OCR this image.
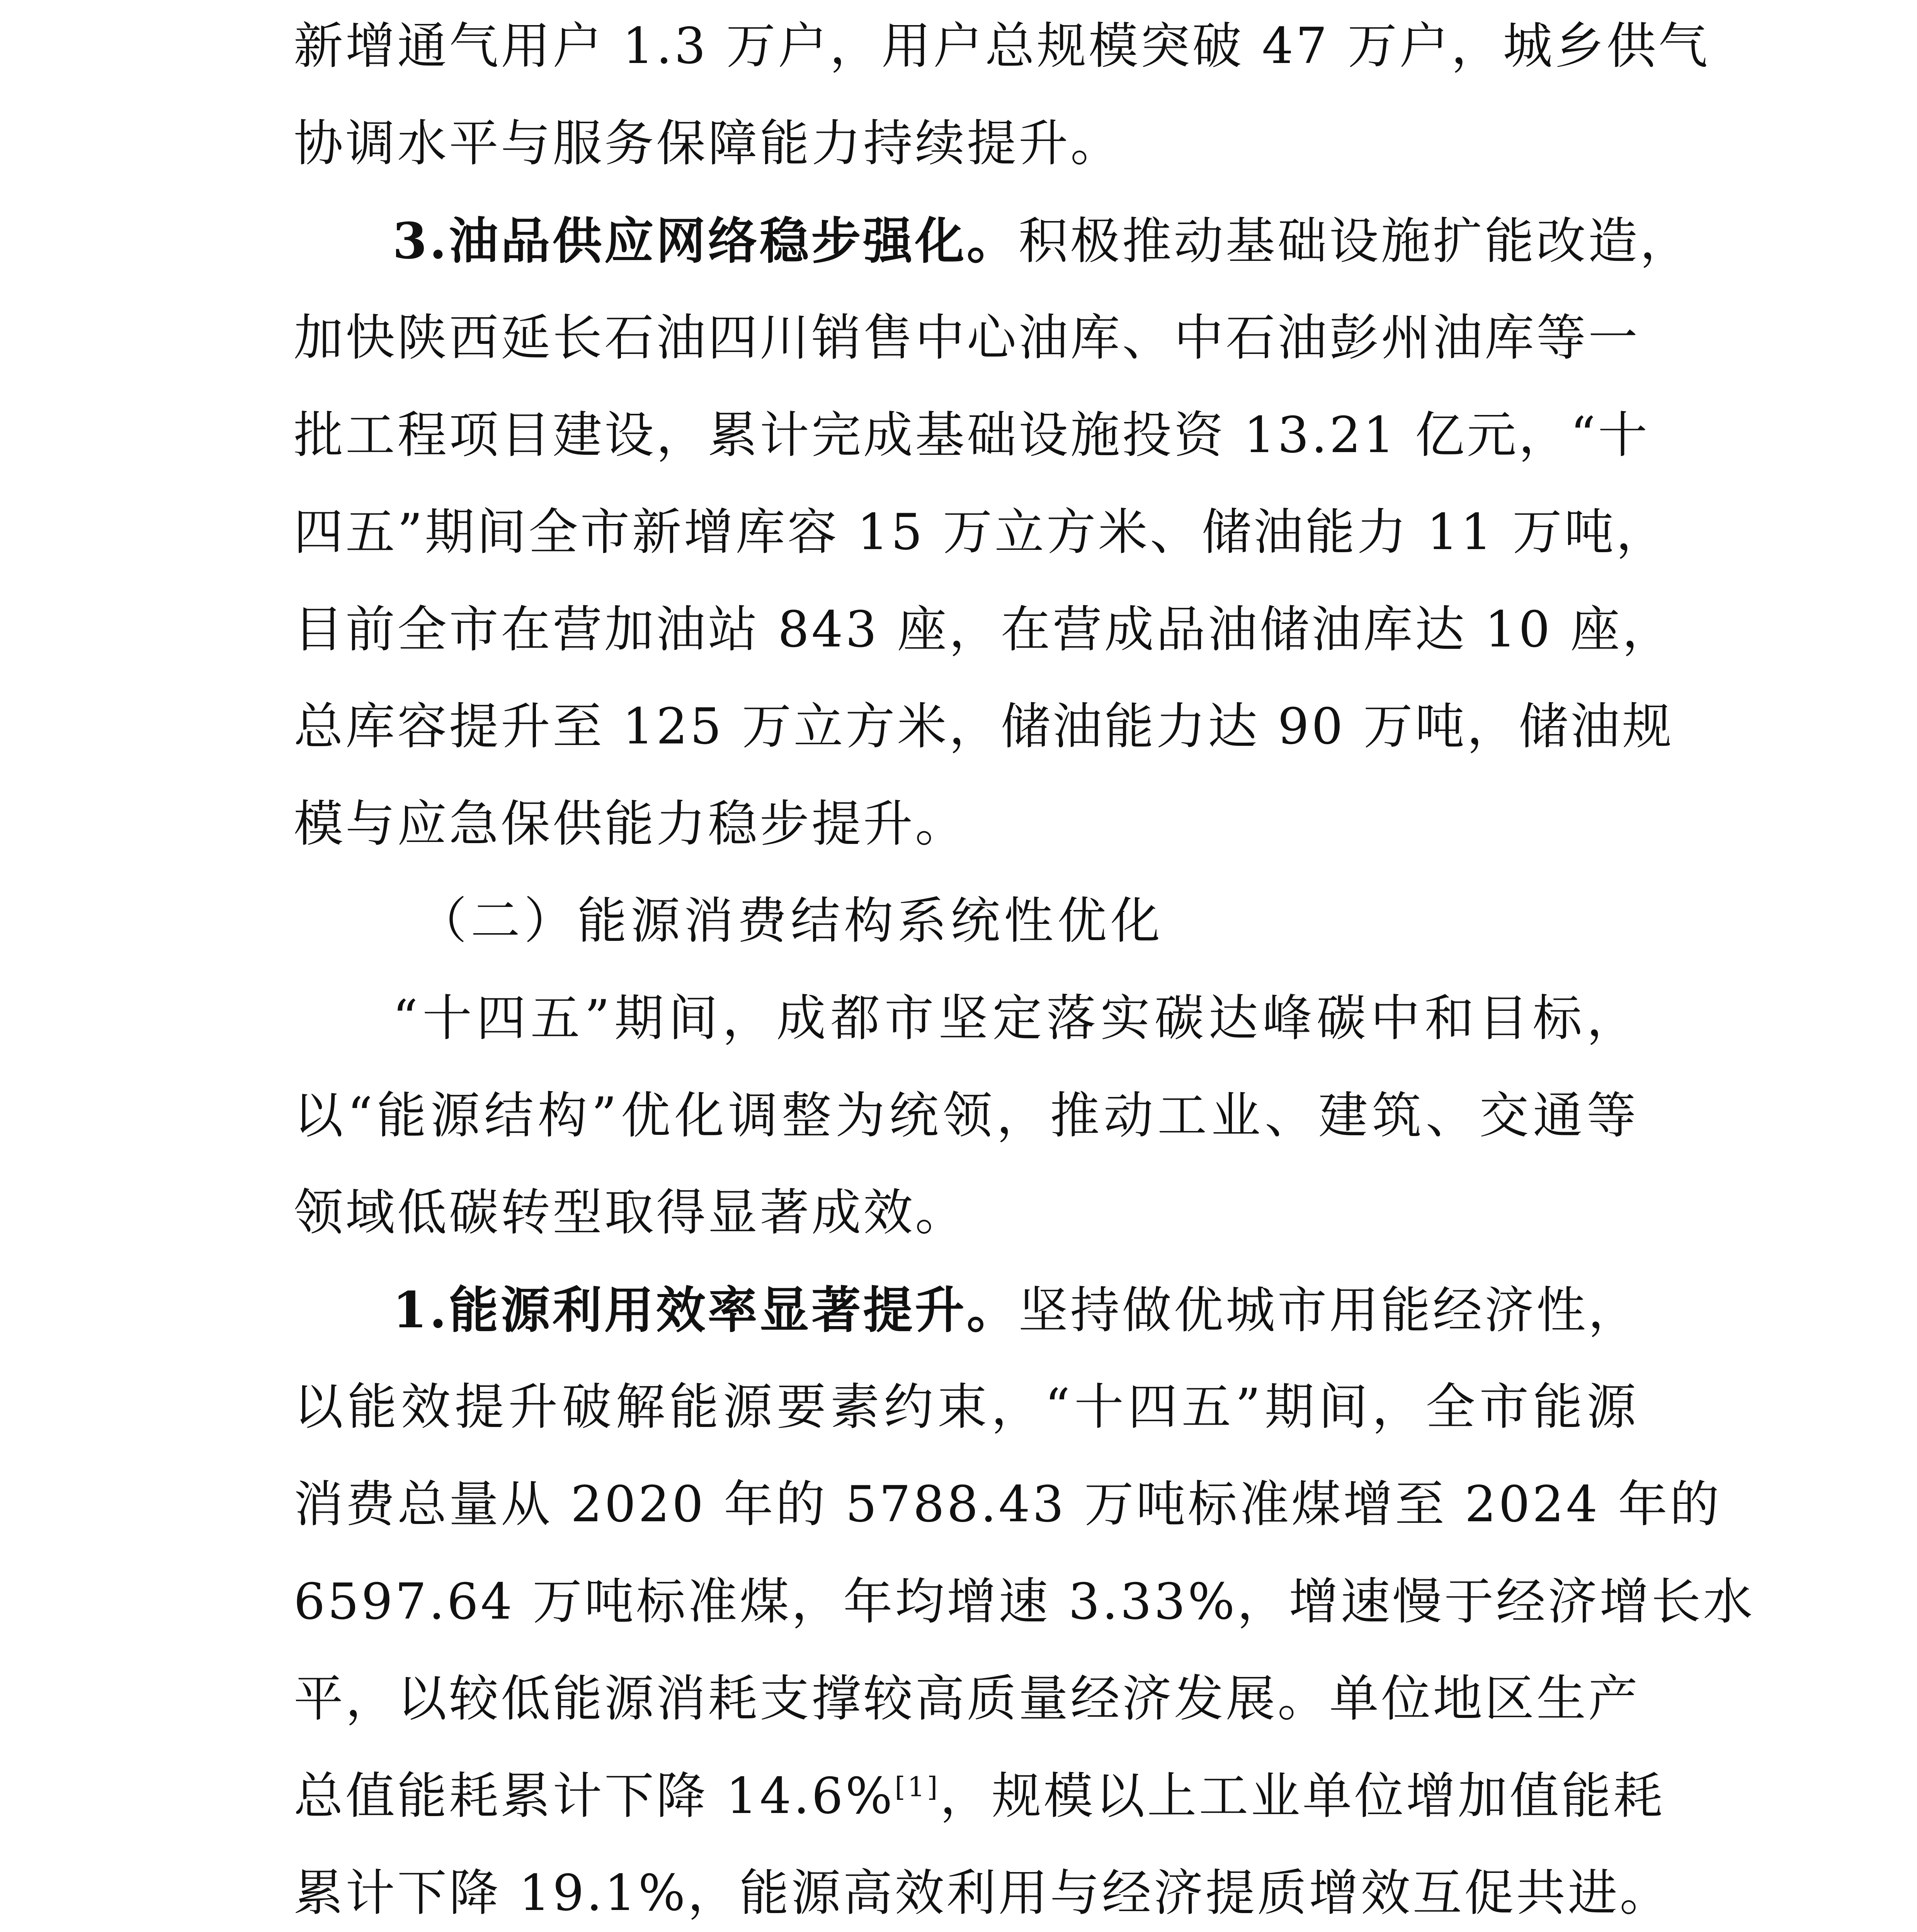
新增通气用户 1.3 万户，用户总规模突破 47 万户，城乡供气
协调水平与服务保障能力持续提升。
3.油品供应网络稳步强化。积极推动基础设施扩能改造，
加快陕西延长石油四川销售中心油库、中石油彭州油库等一
批工程项目建设，累计完成基础设施投资 13.21 亿元，“十
四五”期间全市新增库容 15 万立方米、储油能力 11 万吨，
目前全市在营加油站 843 座，在营成品油储油库达 10 座，
总库容提升至 125 万立方米，储油能力达 90 万吨，储油规
模与应急保供能力稳步提升。
（二）能源消费结构系统性优化
“十四五”期间，成都市坚定落实碳达峰碳中和目标，
以“能源结构”优化调整为统领，推动工业、建筑、交通等
领域低碳转型取得显著成效。
1.能源利用效率显著提升。坚持做优城市用能经济性，
以能效提升破解能源要素约束，“十四五”期间，全市能源
消费总量从 2020 年的 5788.43 万吨标准煤增至 2024 年的
6597.64 万吨标准煤，年均增速 3.33%，增速慢于经济增长水
平，以较低能源消耗支撑较高质量经济发展。单位地区生产
总值能耗累计下降 14.6%[1]，规模以上工业单位增加值能耗
累计下降 19.1%，能源高效利用与经济提质增效互促共进。
